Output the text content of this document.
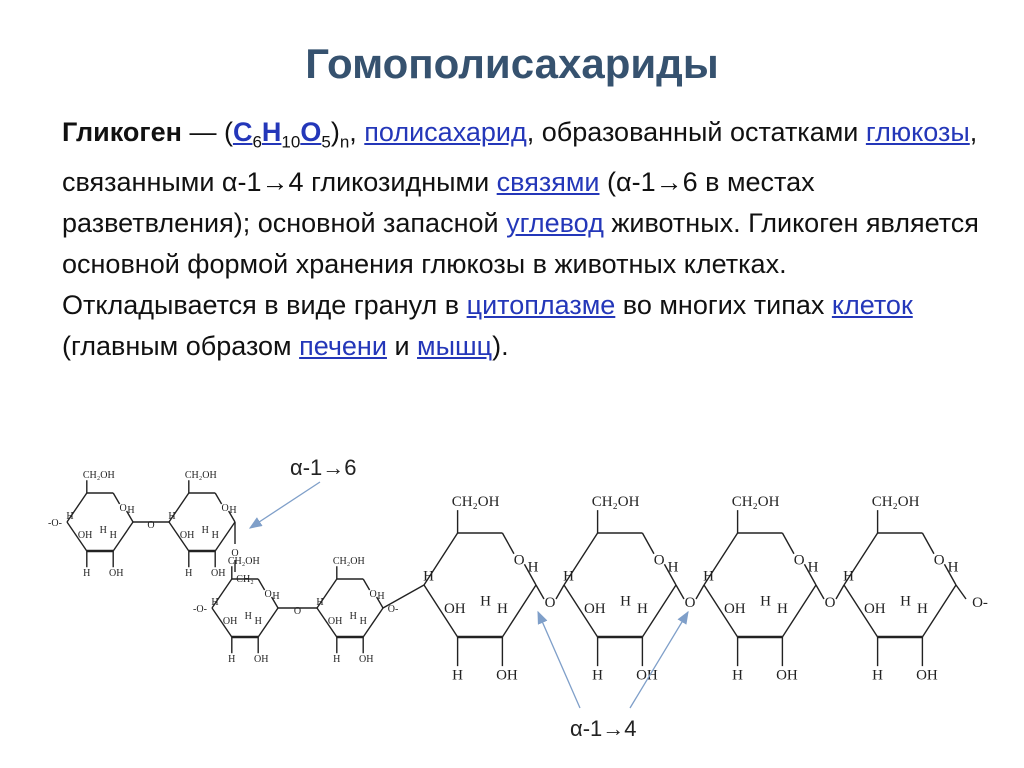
Гомополисахариды
Гликоген — $(C_6H_{10}O_5)_n$, полисахарид, образованный остатками глюкозы, связанными α-1→4 гликозидными связями (α-1→6 в местах разветвления); основной запасной углевод животных. Гликоген является основной формой хранения глюкозы в животных клетках. Откладывается в виде гранул в цитоплазме во многих типах клеток (главным образом печени и мышц).
α-1→6
α-1→4
O
CH₂OH
H
H
OH H
H
H OH
O
CH₂OH
H
H
OH H
H
H OH
O
CH₂OH
H
H
OH H
H
H OH
O
CH₂OH
H
H
OH H
H
H OH
O	O	O	O-
O
CH₂OH
H
H
OH H
H
H OH
O
CH₂OH
H
H
OH H
H
H OH
O
-O-
O
CH₂
O
CH₂OH
H
H
OH H
H
H OH
O
CH₂OH
H
H
OH H
H
H OH
O
-O-	O-
